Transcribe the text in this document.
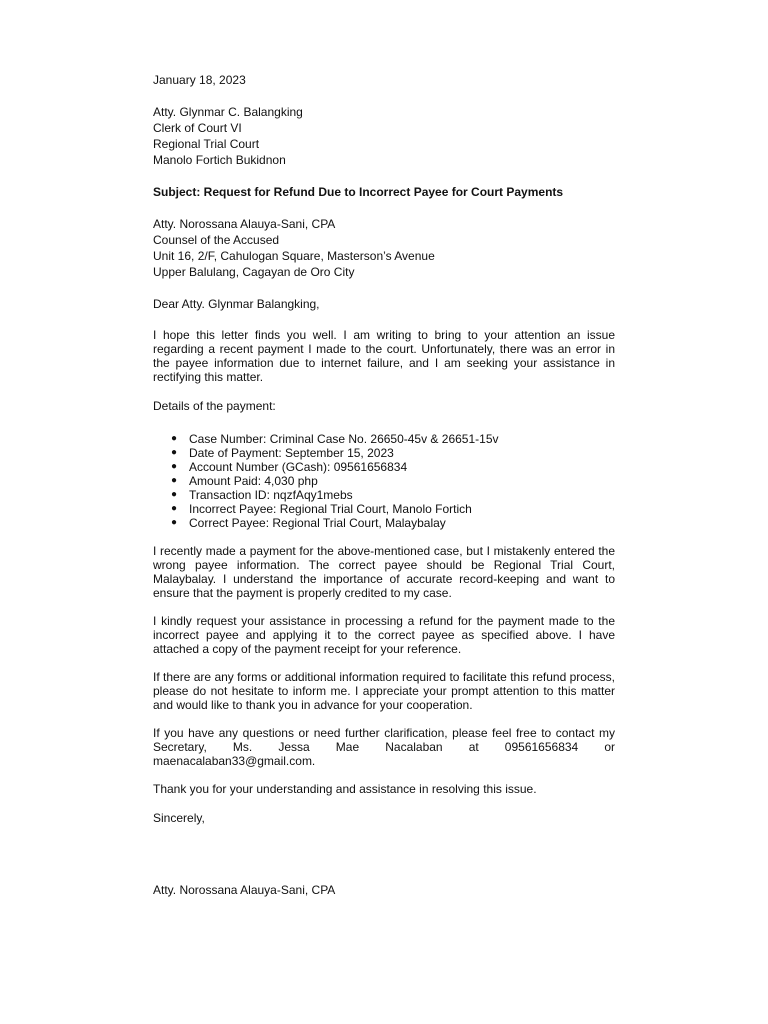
January 18, 2023
Atty. Glynmar C. Balangking
Clerk of Court VI
Regional Trial Court
Manolo Fortich Bukidnon
Subject: Request for Refund Due to Incorrect Payee for Court Payments
Atty. Norossana Alauya-Sani, CPA
Counsel of the Accused
Unit 16, 2/F, Cahulogan Square, Masterson’s Avenue
Upper Balulang, Cagayan de Oro City
Dear Atty. Glynmar Balangking,

I hope this letter finds you well. I am writing to bring to your attention an issue regarding a recent payment I made to the court. Unfortunately, there was an error in the payee information due to internet failure, and I am seeking your assistance in rectifying this matter.

Details of the payment:
● Case Number: Criminal Case No. 26650-45v & 26651-15v
● Date of Payment: September 15, 2023
● Account Number (GCash): 09561656834
● Amount Paid: 4,030 php
● Transaction ID: nqzfAqy1mebs
● Incorrect Payee: Regional Trial Court, Manolo Fortich
● Correct Payee: Regional Trial Court, Malaybalay

I recently made a payment for the above-mentioned case, but I mistakenly entered the wrong payee information. The correct payee should be Regional Trial Court, Malaybalay. I understand the importance of accurate record-keeping and want to ensure that the payment is properly credited to my case.

I kindly request your assistance in processing a refund for the payment made to the incorrect payee and applying it to the correct payee as specified above. I have attached a copy of the payment receipt for your reference.

If there are any forms or additional information required to facilitate this refund process, please do not hesitate to inform me. I appreciate your prompt attention to this matter and would like to thank you in advance for your cooperation.

If you have any questions or need further clarification, please feel free to contact my Secretary, Ms. Jessa Mae Nacalaban at 09561656834 or maenacalaban33@gmail.com.

Thank you for your understanding and assistance in resolving this issue.

Sincerely,
Atty. Norossana Alauya-Sani, CPA
